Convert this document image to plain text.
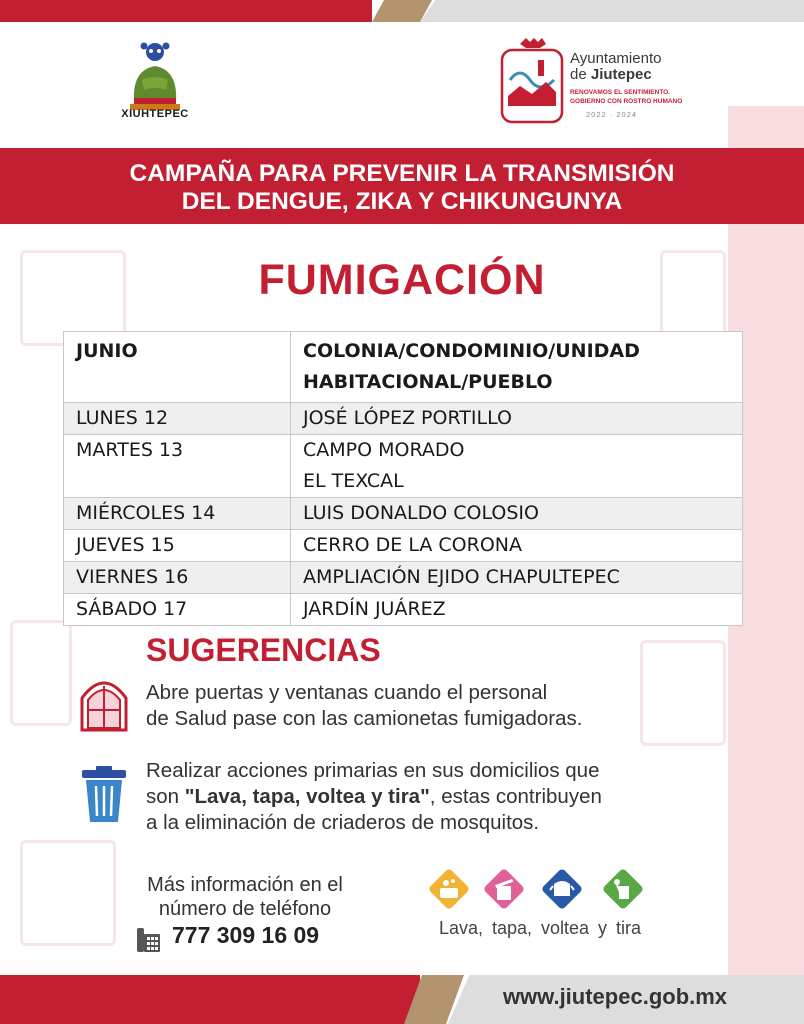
XIUHTEPEC
Ayuntamiento
de Jiutepec
RENOVAMOS EL SENTIMIENTO.
GOBIERNO CON ROSTRO HUMANO
2022 · 2024
CAMPAÑA PARA PREVENIR LA TRANSMISIÓN
DEL DENGUE, ZIKA Y CHIKUNGUNYA
FUMIGACIÓN
JUNIO	COLONIA/CONDOMINIO/UNIDAD
HABITACIONAL/PUEBLO

LUNES 12	JOSÉ LÓPEZ PORTILLO
MARTES 13	CAMPO MORADO
EL TEXCAL

MIÉRCOLES 14	LUIS DONALDO COLOSIO
JUEVES 15	CERRO DE LA CORONA
VIERNES 16	AMPLIACIÓN EJIDO CHAPULTEPEC
SÁBADO 17	JARDÍN JUÁREZ
SUGERENCIAS
Abre puertas y ventanas cuando el personal
de Salud pase con las camionetas fumigadoras.
Realizar acciones primarias en sus domicilios que
son "Lava, tapa, voltea y tira", estas contribuyen
a la eliminación de criaderos de mosquitos.
Más información en el
número de teléfono
777 309 16 09	Lava, tapa, voltea y tira
www.jiutepec.gob.mx
